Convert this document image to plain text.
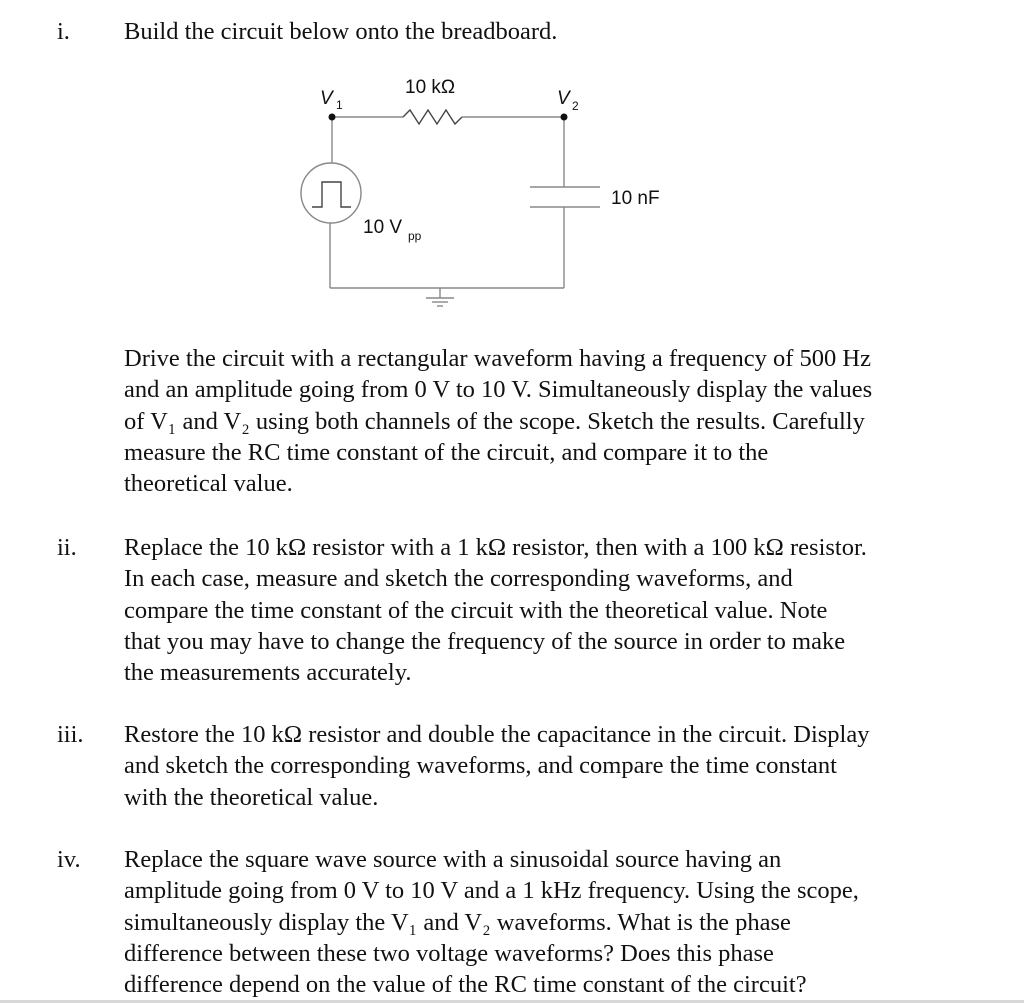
i. Build the circuit below onto the breadboard.
V 1
10 kΩ
V 2
10 nF
10 V pp
Drive the circuit with a rectangular waveform having a frequency of 500 Hz
and an amplitude going from 0 V to 10 V. Simultaneously display the values
of V₁ and V₂ using both channels of the scope. Sketch the results. Carefully
measure the RC time constant of the circuit, and compare it to the
theoretical value.
ii. Replace the 10 kΩ resistor with a 1 kΩ resistor, then with a 100 kΩ resistor.
In each case, measure and sketch the corresponding waveforms, and
compare the time constant of the circuit with the theoretical value. Note
that you may have to change the frequency of the source in order to make
the measurements accurately.
iii. Restore the 10 kΩ resistor and double the capacitance in the circuit. Display
and sketch the corresponding waveforms, and compare the time constant
with the theoretical value.
iv. Replace the square wave source with a sinusoidal source having an
amplitude going from 0 V to 10 V and a 1 kHz frequency. Using the scope,
simultaneously display the V₁ and V₂ waveforms. What is the phase
difference between these two voltage waveforms? Does this phase
difference depend on the value of the RC time constant of the circuit?
